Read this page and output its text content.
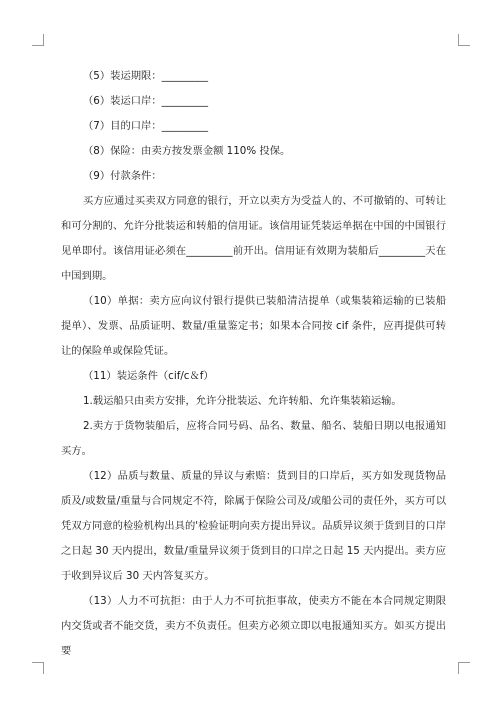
（5）装运期限：_________

（6）装运口岸：_________

（7）目的口岸：_________

（8）保险：由卖方按发票金额 110% 投保。

（9）付款条件：

买方应通过买卖双方同意的银行，开立以卖方为受益人的、不可撤销的、可转让和可分割的、允许分批装运和转船的信用证。该信用证凭装运单据在中国的中国银行见单即付。该信用证必须在_________前开出。信用证有效期为装船后_________天在中国到期。

（10）单据：卖方应向议付银行提供已装船清洁提单（或集装箱运输的已装船提单）、发票、品质证明、数量/重量鉴定书；如果本合同按 cif 条件，应再提供可转让的保险单或保险凭证。

（11）装运条件（cif/c＆f）

1.载运船只由卖方安排，允许分批装运、允许转船、允许集装箱运输。

2.卖方于货物装船后，应将合同号码、品名、数量、船名、装船日期以电报通知买方。

（12）品质与数量、质量的异议与索赔：货到目的口岸后，买方如发现货物品质及/或数量/重量与合同规定不符，除属于保险公司及/或船公司的责任外，买方可以凭双方同意的检验机构出具的'检验证明向卖方提出异议。品质异议须于货到目的口岸之日起 30 天内提出，数量/重量异议须于货到目的口岸之日起 15 天内提出。卖方应于收到异议后 30 天内答复买方。

（13）人力不可抗拒：由于人力不可抗拒事故，使卖方不能在本合同规定期限内交货或者不能交货，卖方不负责任。但卖方必须立即以电报通知买方。如买方提出要
